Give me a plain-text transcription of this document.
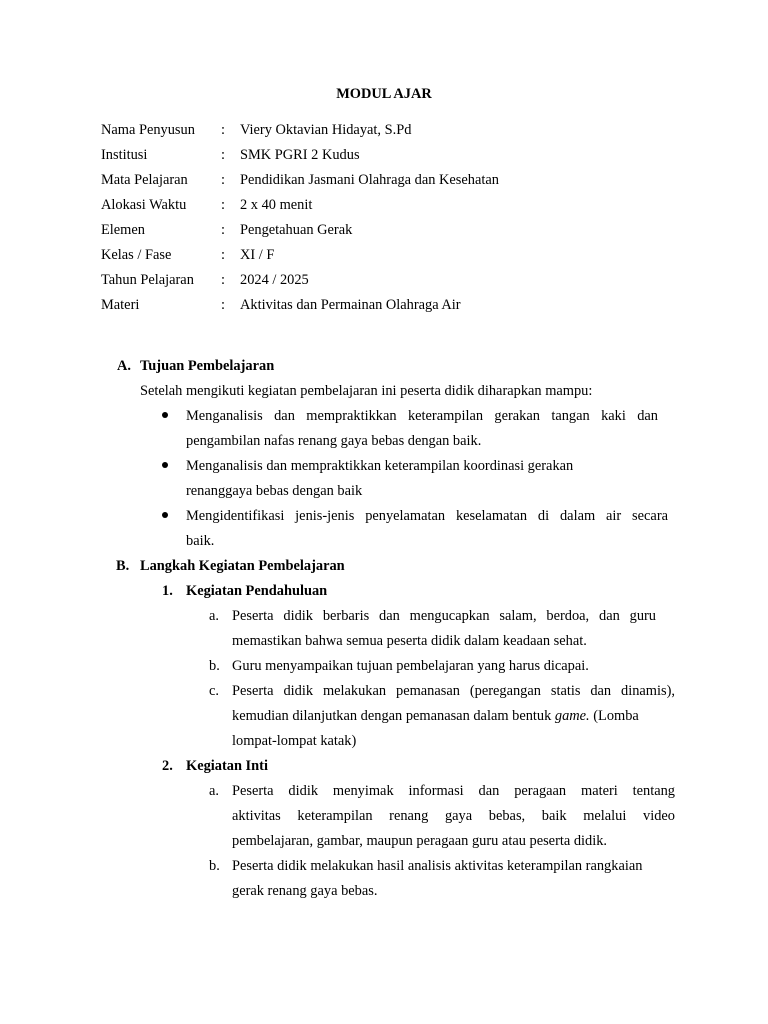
MODUL AJAR
Nama Penyusun : Viery Oktavian Hidayat, S.Pd
Institusi	: SMK PGRI 2 Kudus
Mata Pelajaran : Pendidikan Jasmani Olahraga dan Kesehatan
Alokasi Waktu : 2 x 40 menit
Elemen	: Pengetahuan Gerak
Kelas / Fase	: XI / F
Tahun Pelajaran : 2024 / 2025
Materi	: Aktivitas dan Permainan Olahraga Air
A. Tujuan Pembelajaran
Setelah mengikuti kegiatan pembelajaran ini peserta didik diharapkan mampu:
Menganalisis dan mempraktikkan keterampilan gerakan tangan kaki dan
pengambilan nafas renang gaya bebas dengan baik.
Menganalisis dan mempraktikkan keterampilan koordinasi gerakan
renanggaya bebas dengan baik
Mengidentifikasi jenis-jenis penyelamatan keselamatan di dalam air secara
baik.
B. Langkah Kegiatan Pembelajaran
1. Kegiatan Pendahuluan
a. Peserta didik berbaris dan mengucapkan salam, berdoa, dan guru
memastikan bahwa semua peserta didik dalam keadaan sehat.
b. Guru menyampaikan tujuan pembelajaran yang harus dicapai.
c. Peserta didik melakukan pemanasan (peregangan statis dan dinamis),
kemudian dilanjutkan dengan pemanasan dalam bentuk game. (Lomba
lompat-lompat katak)
2. Kegiatan Inti
a. Peserta didik menyimak informasi dan peragaan materi tentang
aktivitas keterampilan renang gaya bebas, baik melalui video
pembelajaran, gambar, maupun peragaan guru atau peserta didik.
b. Peserta didik melakukan hasil analisis aktivitas keterampilan rangkaian
gerak renang gaya bebas.
